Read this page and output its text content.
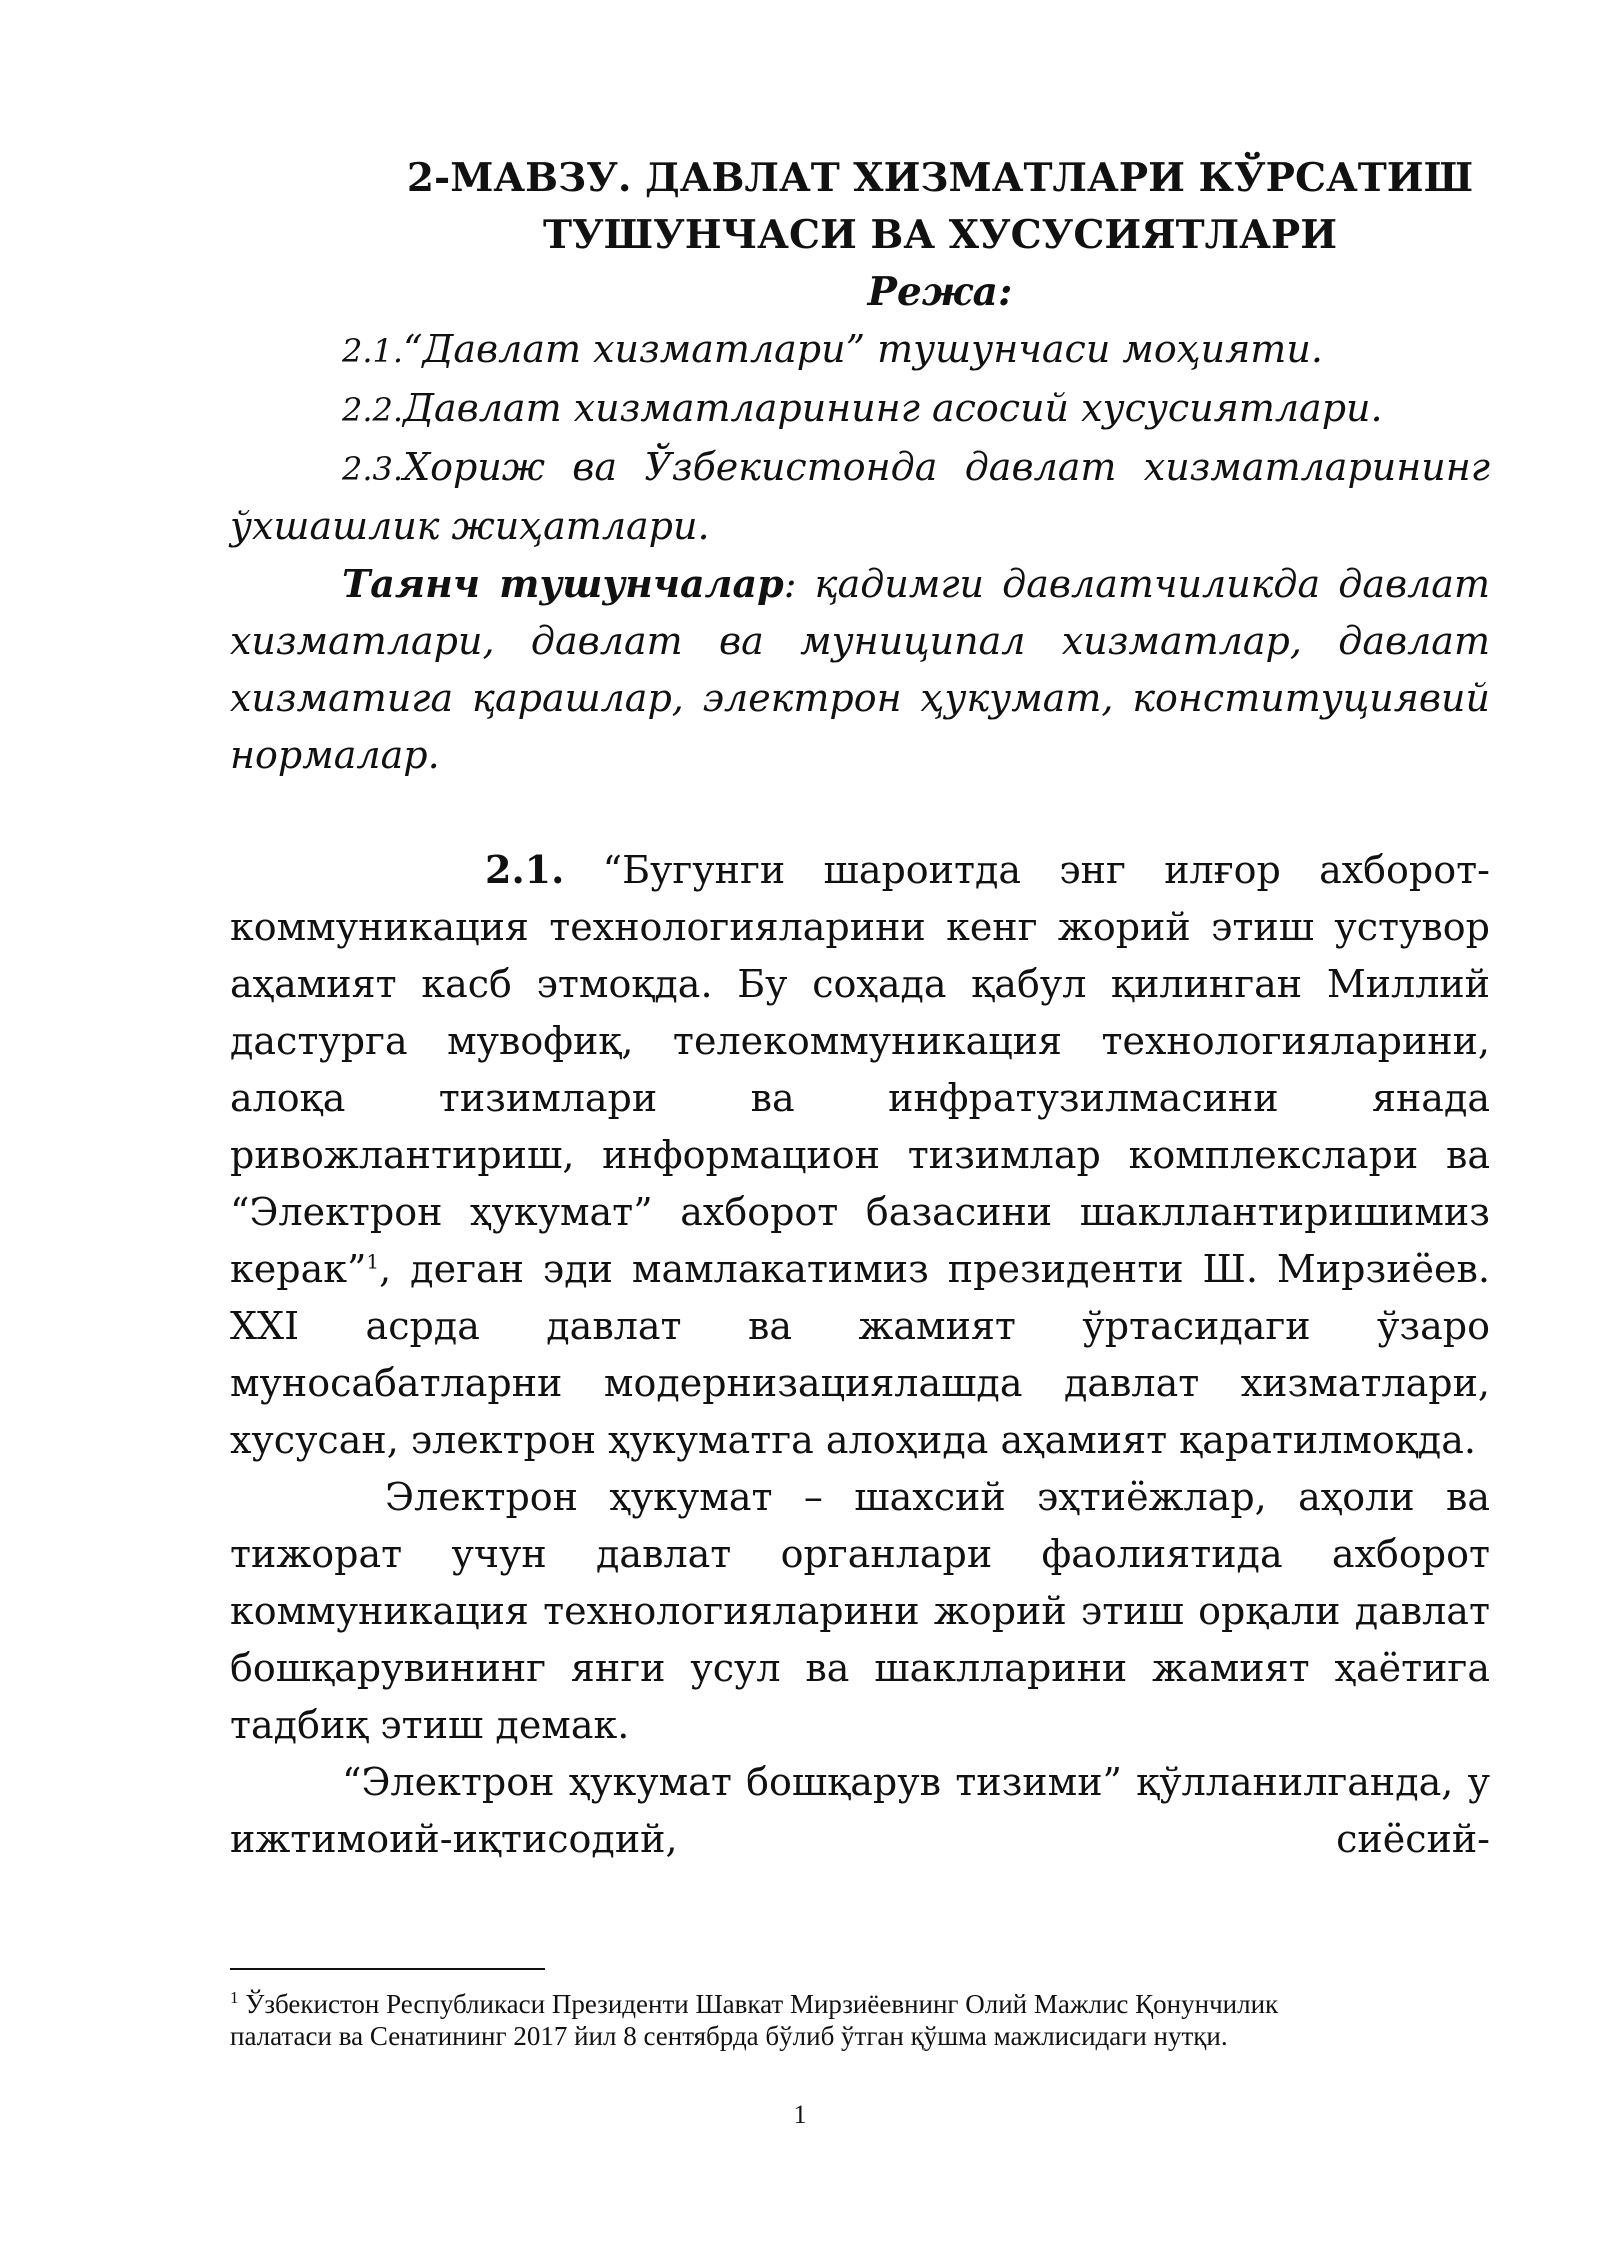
2-МАВЗУ. ДАВЛАТ ХИЗМАТЛАРИ КЎРСАТИШ
ТУШУНЧАСИ ВА ХУСУСИЯТЛАРИ

Режа:

2.1.“Давлат хизматлари” тушунчаси моҳияти.

2.2.Давлат хизматларининг асосий хусусиятлари.

2.3.Хориж ва Ўзбекистонда давлат хизматларининг ўхшашлик жиҳатлари.

Таянч тушунчалар: қадимги давлатчиликда давлат хизматлари, давлат ва муниципал хизматлар, давлат хизматига қарашлар, электрон ҳукумат, конституциявий нормалар.

2.1. “Бугунги шароитда энг илғор ахборот-коммуникация технологияларини кенг жорий этиш устувор аҳамият касб этмоқда. Бу соҳада қабул қилинган Миллий дастурга мувофиқ, телекоммуникация технологияларини, алоқа тизимлари ва инфратузилмасини янада ривожлантириш, информацион тизимлар комплекслари ва “Электрон ҳукумат” ахборот базасини шакллантиришимиз керак”$^1$, деган эди мамлакатимиз президенти Ш. Мирзиёев. XXI асрда давлат ва жамият ўртасидаги ўзаро муносабатларни модернизациялашда давлат хизматлари, хусусан, электрон ҳукуматга алоҳида аҳамият қаратилмоқда.

Электрон ҳукумат – шахсий эҳтиёжлар, аҳоли ва тижорат учун давлат органлари фаолиятида ахборот коммуникация технологияларини жорий этиш орқали давлат бошқарувининг янги усул ва шаклларини жамият ҳаётига тадбиқ этиш демак.

“Электрон ҳукумат бошқарув тизими” қўлланилганда, у ижтимоий-иқтисодий, сиёсий-

$^1$ Ўзбекистон Республикаси Президенти Шавкат Мирзиёевнинг Олий Мажлис Қонунчилик палатаси ва Сенатининг 2017 йил 8 сентябрда бўлиб ўтган қўшма мажлисидаги нутқи.

1
